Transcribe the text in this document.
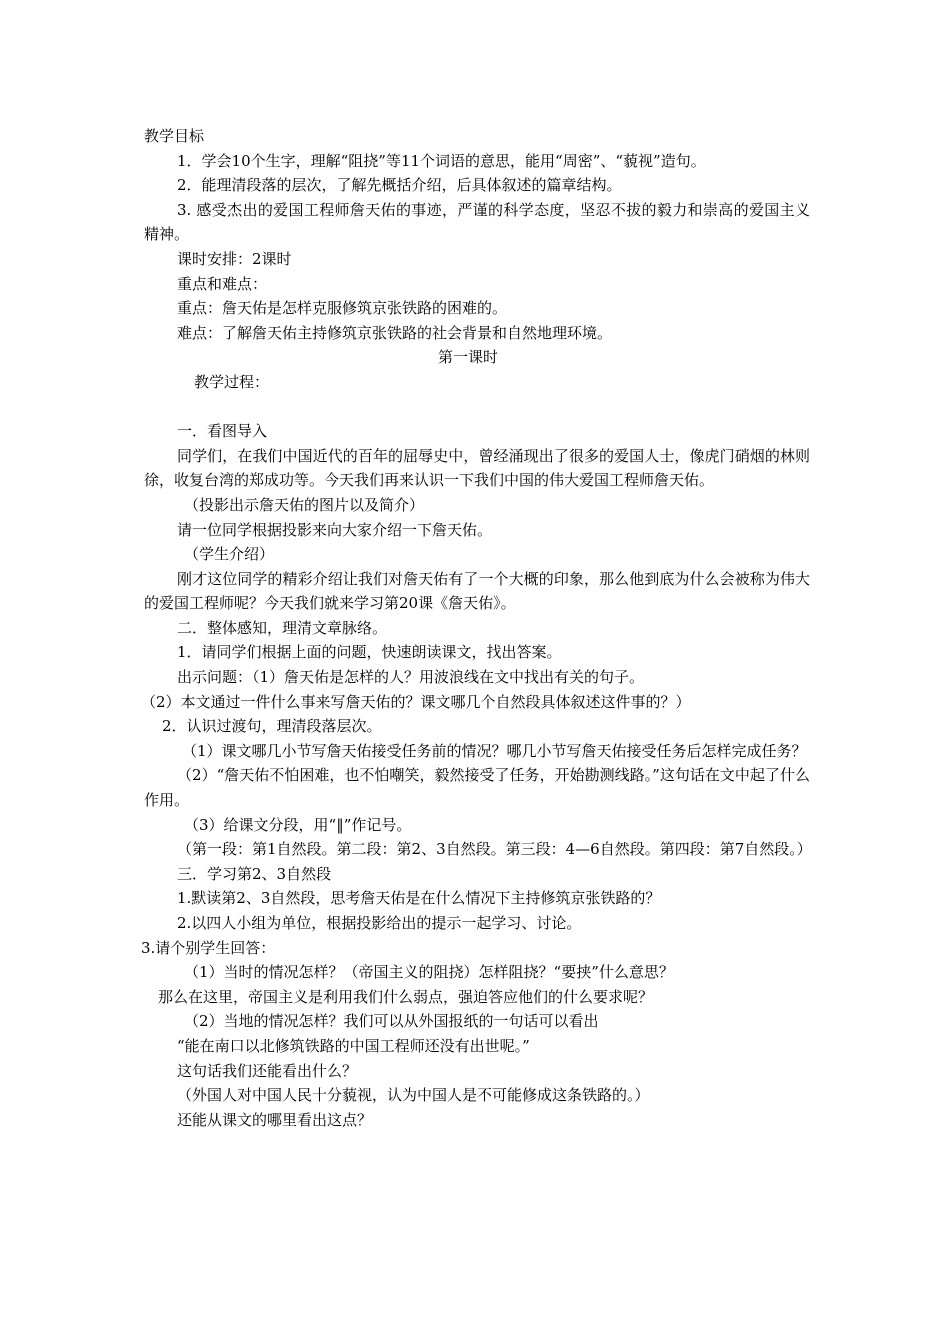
教学目标

1．学会10个生字，理解“阻挠”等11个词语的意思，能用“周密”、“藐视”造句。

2．能理清段落的层次，了解先概括介绍，后具体叙述的篇章结构。

3. 感受杰出的爱国工程师詹天佑的事迹，严谨的科学态度，坚忍不拔的毅力和崇高的爱国主义精神。

课时安排：2课时

重点和难点：

重点：詹天佑是怎样克服修筑京张铁路的困难的。

难点：了解詹天佑主持修筑京张铁路的社会背景和自然地理环境。

第一课时

教学过程：

一．看图导入

同学们，在我们中国近代的百年的屈辱史中，曾经涌现出了很多的爱国人士，像虎门硝烟的林则徐，收复台湾的郑成功等。今天我们再来认识一下我们中国的伟大爱国工程师詹天佑。

（投影出示詹天佑的图片以及简介）

请一位同学根据投影来向大家介绍一下詹天佑。

（学生介绍）

刚才这位同学的精彩介绍让我们对詹天佑有了一个大概的印象，那么他到底为什么会被称为伟大的爱国工程师呢？今天我们就来学习第20课《詹天佑》。

二．整体感知，理清文章脉络。

1．请同学们根据上面的问题，快速朗读课文，找出答案。

出示问题：（1）詹天佑是怎样的人？用波浪线在文中找出有关的句子。

（2）本文通过一件什么事来写詹天佑的？课文哪几个自然段具体叙述这件事的？）

2．认识过渡句，理清段落层次。

（1）课文哪几小节写詹天佑接受任务前的情况？哪几小节写詹天佑接受任务后怎样完成任务？

（2）“詹天佑不怕困难，也不怕嘲笑，毅然接受了任务，开始勘测线路。”这句话在文中起了什么作用。

（3）给课文分段，用“‖”作记号。

（第一段：第1自然段。第二段：第2、3自然段。第三段：4—6自然段。第四段：第7自然段。）

三．学习第2、3自然段

1.默读第2、3自然段，思考詹天佑是在什么情况下主持修筑京张铁路的？

2.以四人小组为单位，根据投影给出的提示一起学习、讨论。

3.请个别学生回答：

（1）当时的情况怎样？（帝国主义的阻挠）怎样阻挠？“要挟”什么意思？

那么在这里，帝国主义是利用我们什么弱点，强迫答应他们的什么要求呢？

（2）当地的情况怎样？我们可以从外国报纸的一句话可以看出

“能在南口以北修筑铁路的中国工程师还没有出世呢。”

这句话我们还能看出什么？

（外国人对中国人民十分藐视，认为中国人是不可能修成这条铁路的。）

还能从课文的哪里看出这点？
